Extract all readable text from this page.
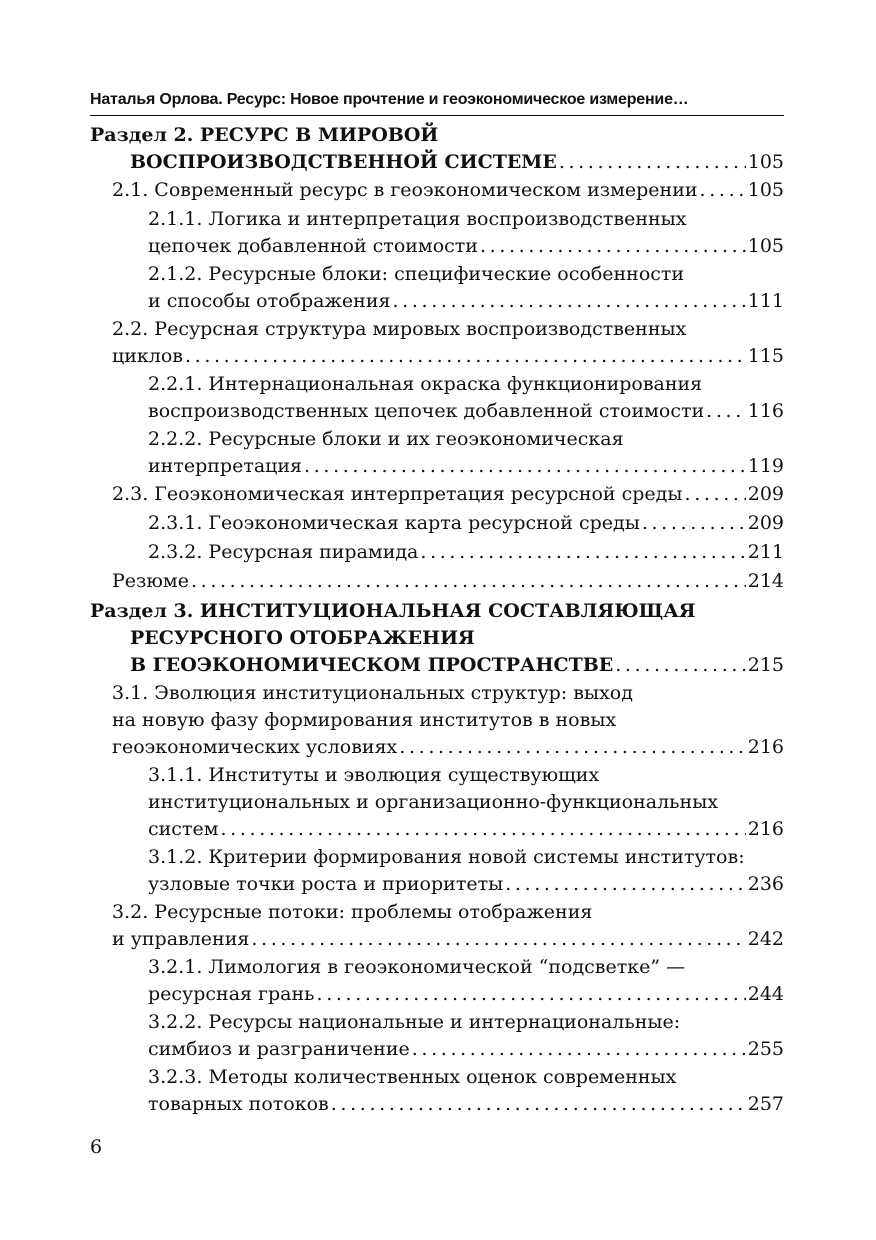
Наталья Орлова. Ресурс: Новое прочтение и геоэкономическое измерение…
Раздел 2. РЕСУРС В МИРОВОЙ
ВОСПРОИЗВОДСТВЕННОЙ СИСТЕМЕ . . .	105
2.1. Современный ресурс в геоэкономическом измерении . . .	105
2.1.1. Логика и интерпретация воспроизводственных
цепочек добавленной стоимости . . .	105
2.1.2. Ресурсные блоки: специфические особенности
и способы отображения . . .	111
2.2. Ресурсная структура мировых воспроизводственных
циклов . . .	115
2.2.1. Интернациональная окраска функционирования
воспроизводственных цепочек добавленной стоимости . . . 116
2.2.2. Ресурсные блоки и их геоэкономическая
интерпретация . . .	119
2.3. Геоэкономическая интерпретация ресурсной среды . . .	209
2.3.1. Геоэкономическая карта ресурсной среды . . .	209
2.3.2. Ресурсная пирамида . . .	211
Резюме . . .	214
Раздел 3. ИНСТИТУЦИОНАЛЬНАЯ СОСТАВЛЯЮЩАЯ
РЕСУРСНОГО ОТОБРАЖЕНИЯ
В ГЕОЭКОНОМИЧЕСКОМ ПРОСТРАНСТВЕ . . .	215
3.1. Эволюция институциональных структур: выход
на новую фазу формирования институтов в новых
геоэкономических условиях . . .	216
3.1.1. Институты и эволюция существующих
институциональных и организационно-функциональных
систем . . .	216
3.1.2. Критерии формирования новой системы институтов:
узловые точки роста и приоритеты . . .	236
3.2. Ресурсные потоки: проблемы отображения
и управления . . .	242
3.2.1. Лимология в геоэкономической “подсветке” —
ресурсная грань . . .	244
3.2.2. Ресурсы национальные и интернациональные:
симбиоз и разграничение . . .	255
3.2.3. Методы количественных оценок современных
товарных потоков . . .	257
6
